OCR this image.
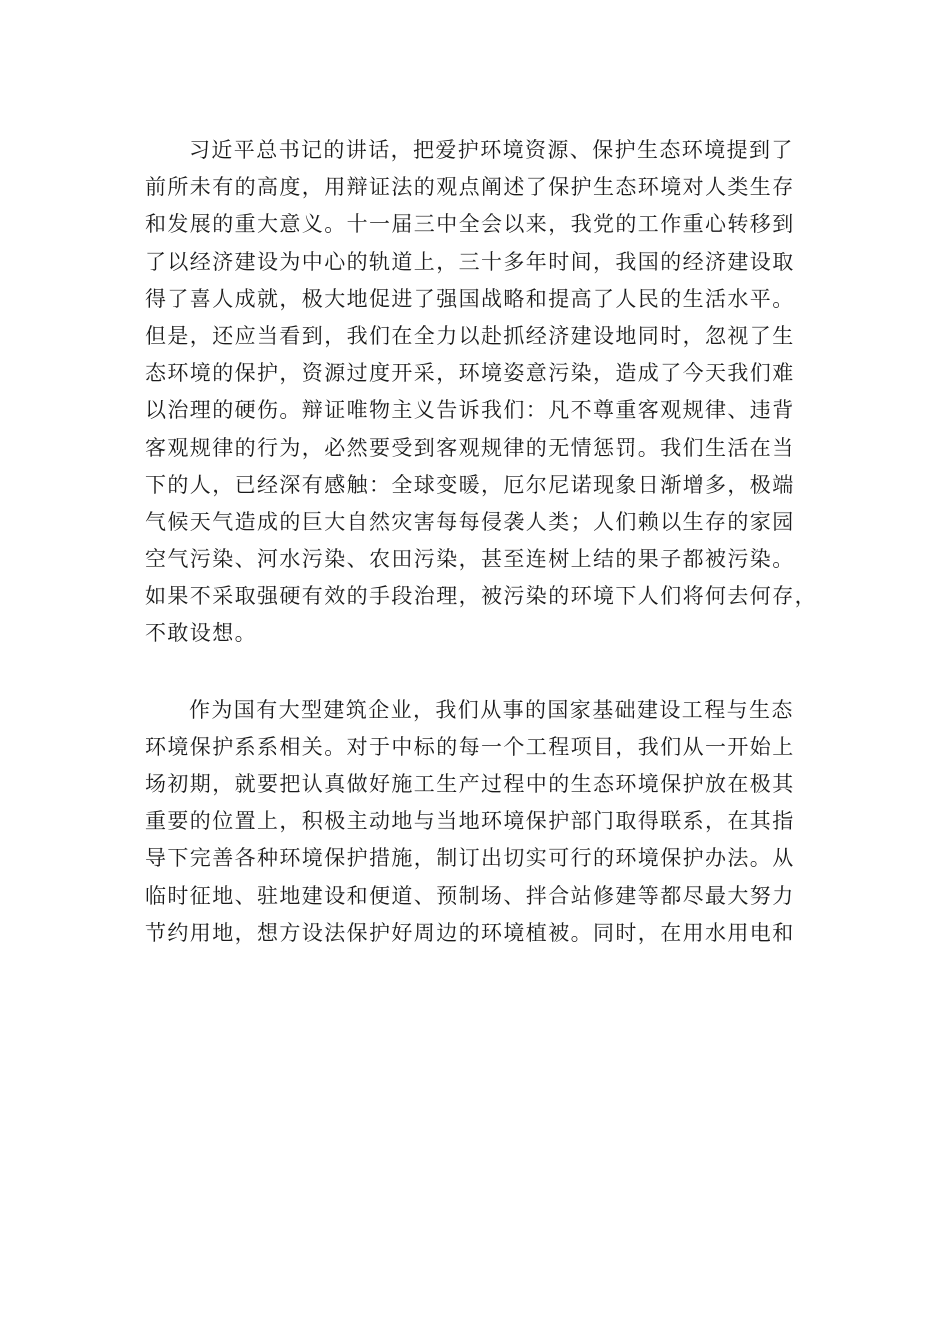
习近平总书记的讲话，把爱护环境资源、保护生态环境提到了
前所未有的高度，用辩证法的观点阐述了保护生态环境对人类生存
和发展的重大意义。十一届三中全会以来，我党的工作重心转移到
了以经济建设为中心的轨道上，三十多年时间，我国的经济建设取
得了喜人成就，极大地促进了强国战略和提高了人民的生活水平。
但是，还应当看到，我们在全力以赴抓经济建设地同时，忽视了生
态环境的保护，资源过度开采，环境姿意污染，造成了今天我们难
以治理的硬伤。辩证唯物主义告诉我们：凡不尊重客观规律、违背
客观规律的行为，必然要受到客观规律的无情惩罚。我们生活在当
下的人，已经深有感触：全球变暖，厄尔尼诺现象日渐增多，极端
气候天气造成的巨大自然灾害每每侵袭人类；人们赖以生存的家园
空气污染、河水污染、农田污染，甚至连树上结的果子都被污染。
如果不采取强硬有效的手段治理，被污染的环境下人们将何去何存，
不敢设想。
作为国有大型建筑企业，我们从事的国家基础建设工程与生态
环境保护系系相关。对于中标的每一个工程项目，我们从一开始上
场初期，就要把认真做好施工生产过程中的生态环境保护放在极其
重要的位置上，积极主动地与当地环境保护部门取得联系，在其指
导下完善各种环境保护措施，制订出切实可行的环境保护办法。从
临时征地、驻地建设和便道、预制场、拌合站修建等都尽最大努力
节约用地，想方设法保护好周边的环境植被。同时，在用水用电和
